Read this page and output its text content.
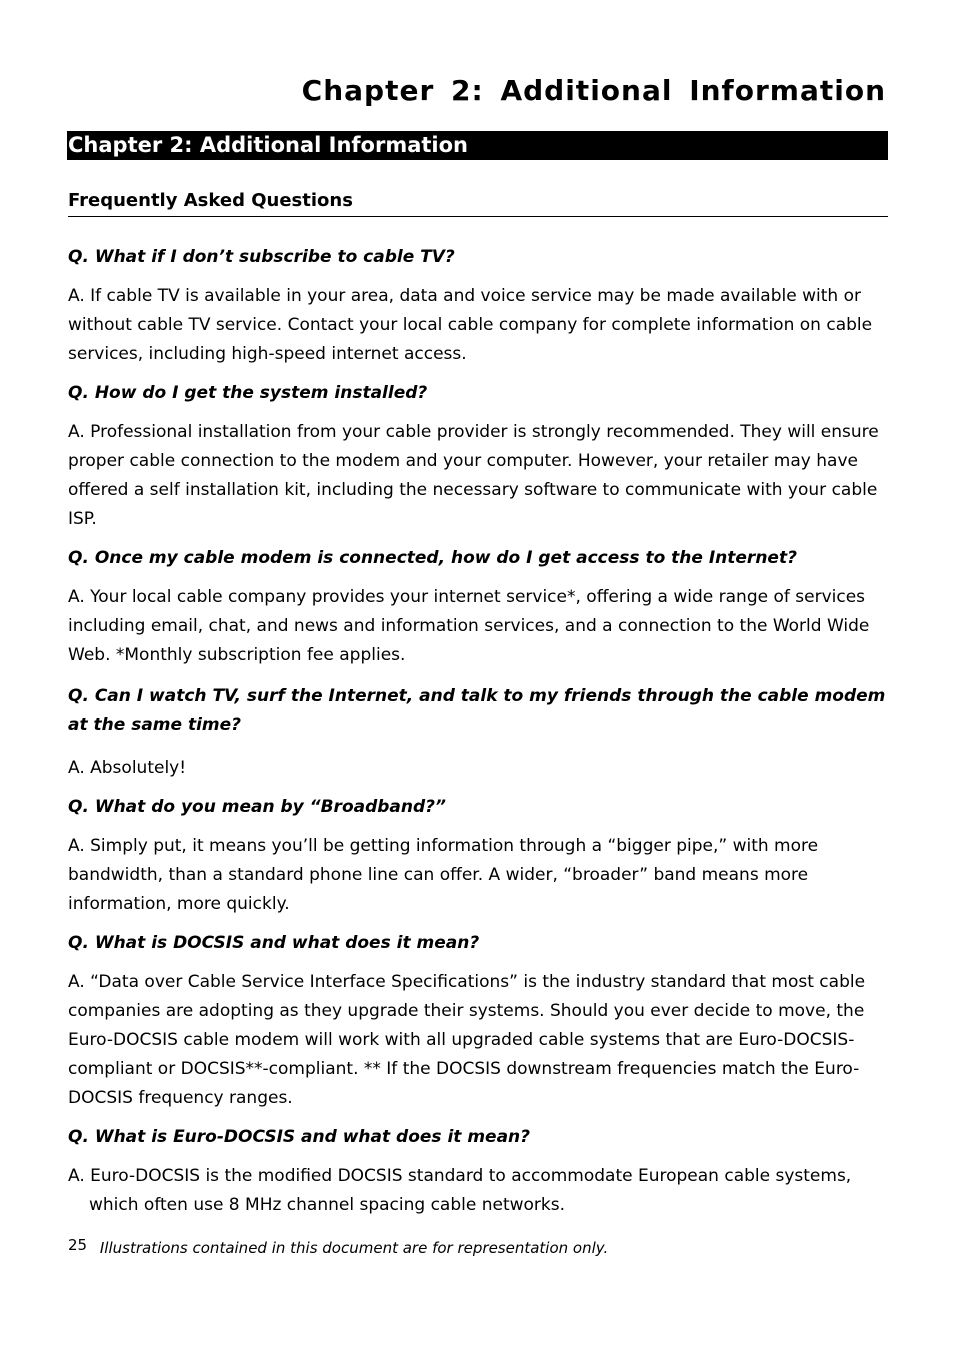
Chapter 2: Additional Information
Chapter 2: Additional Information
Frequently Asked Questions

Q. What if I don’t subscribe to cable TV?

A. If cable TV is available in your area, data and voice service may be made available with or without cable TV service. Contact your local cable company for complete information on cable services, including high-speed internet access.

Q. How do I get the system installed?

A. Professional installation from your cable provider is strongly recommended. They will ensure proper cable connection to the modem and your computer. However, your retailer may have offered a self installation kit, including the necessary software to communicate with your cable ISP.

Q. Once my cable modem is connected, how do I get access to the Internet?

A. Your local cable company provides your internet service*, offering a wide range of services including email, chat, and news and information services, and a connection to the World Wide Web. *Monthly subscription fee applies.

Q. Can I watch TV, surf the Internet, and talk to my friends through the cable modem at the same time?

A. Absolutely!

Q. What do you mean by “Broadband?”

A. Simply put, it means you’ll be getting information through a “bigger pipe,” with more bandwidth, than a standard phone line can offer. A wider, “broader” band means more information, more quickly.

Q. What is DOCSIS and what does it mean?

A. “Data over Cable Service Interface Specifications” is the industry standard that most cable companies are adopting as they upgrade their systems. Should you ever decide to move, the Euro-DOCSIS cable modem will work with all upgraded cable systems that are Euro-DOCSIS-compliant or DOCSIS**-compliant. ** If the DOCSIS downstream frequencies match the Euro-DOCSIS frequency ranges.

Q. What is Euro-DOCSIS and what does it mean?

A. Euro-DOCSIS is the modified DOCSIS standard to accommodate European cable systems, which often use 8 MHz channel spacing cable networks.

25 Illustrations contained in this document are for representation only.
